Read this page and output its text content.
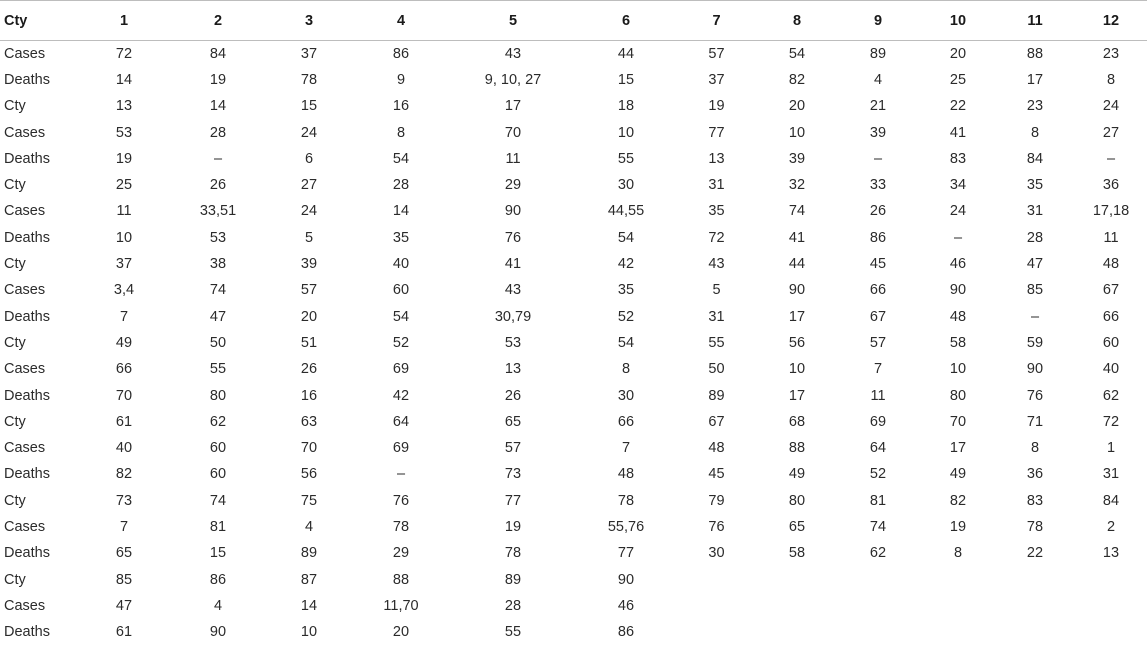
Cty	1	2	3	4	5	6	7	8	9	10	11	12
Cases	72	84	37	86	43	44	57	54	89	20	88	23
Deaths	14	19	78	9	9, 10, 27	15	37	82	4	25	17	8
Cty	13	14	15	16	17	18	19	20	21	22	23	24
Cases	53	28	24	8	70	10	77	10	39	41	8	27
Deaths	19	–	6	54	11	55	13	39	–	83	84	–
Cty	25	26	27	28	29	30	31	32	33	34	35	36
Cases	11	33,51	24	14	90	44,55	35	74	26	24	31	17,18
Deaths	10	53	5	35	76	54	72	41	86	–	28	11
Cty	37	38	39	40	41	42	43	44	45	46	47	48
Cases	3,4	74	57	60	43	35	5	90	66	90	85	67
Deaths	7	47	20	54	30,79	52	31	17	67	48	–	66
Cty	49	50	51	52	53	54	55	56	57	58	59	60
Cases	66	55	26	69	13	8	50	10	7	10	90	40
Deaths	70	80	16	42	26	30	89	17	11	80	76	62
Cty	61	62	63	64	65	66	67	68	69	70	71	72
Cases	40	60	70	69	57	7	48	88	64	17	8	1
Deaths	82	60	56	–	73	48	45	49	52	49	36	31
Cty	73	74	75	76	77	78	79	80	81	82	83	84
Cases	7	81	4	78	19	55,76	76	65	74	19	78	2
Deaths	65	15	89	29	78	77	30	58	62	8	22	13
Cty	85	86	87	88	89	90						
Cases	47	4	14	11,70	28	46						
Deaths	61	90	10	20	55	86						
